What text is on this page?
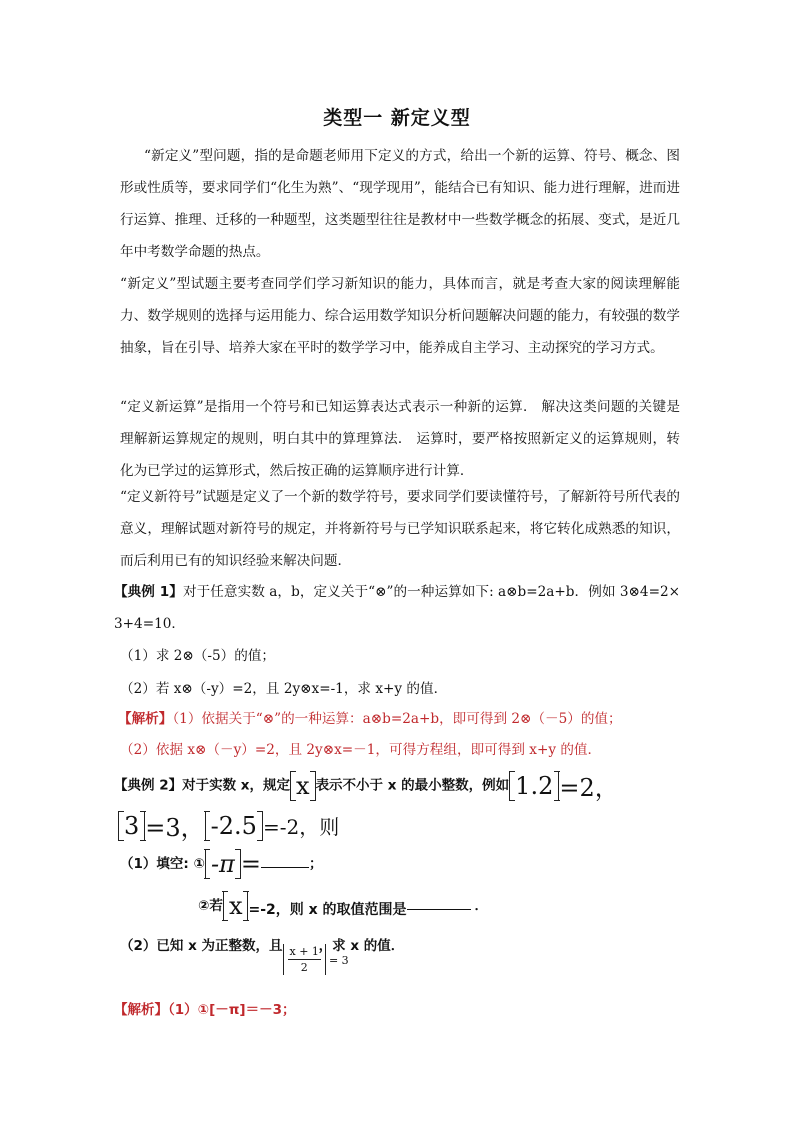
类型一 新定义型

“新定义”型问题，指的是命题老师用下定义的方式，给出一个新的运算、符号、概念、图形或性质等，要求同学们“化生为熟”、“现学现用”，能结合已有知识、能力进行理解，进而进行运算、推理、迁移的一种题型，这类题型往往是教材中一些数学概念的拓展、变式，是近几年中考数学命题的热点。

“新定义”型试题主要考查同学们学习新知识的能力，具体而言，就是考查大家的阅读理解能力、数学规则的选择与运用能力、综合运用数学知识分析问题解决问题的能力，有较强的数学抽象，旨在引导、培养大家在平时的数学学习中，能养成自主学习、主动探究的学习方式。

“定义新运算”是指用一个符号和已知运算表达式表示一种新的运算． 解决这类问题的关键是理解新运算规定的规则，明白其中的算理算法． 运算时，要严格按照新定义的运算规则，转化为已学过的运算形式，然后按正确的运算顺序进行计算．

“定义新符号”试题是定义了一个新的数学符号，要求同学们要读懂符号，了解新符号所代表的意义，理解试题对新符号的规定，并将新符号与已学知识联系起来，将它转化成熟悉的知识，而后利用已有的知识经验来解决问题．

【典例 1】对于任意实数 a，b，定义关于“⊗”的一种运算如下: a⊗b=2a+b．例如 3⊗4=2×3+4=10．

（1）求 2⊗（-5）的值；
（2）若 x⊗（-y）=2，且 2y⊗x=-1，求 x+y 的值．
【解析】（1）依据关于“⊗”的一种运算：a⊗b=2a+b，即可得到 2⊗（－5）的值；
（2）依据 x⊗（－y）=2，且 2y⊗x=－1，可得方程组，即可得到 x+y 的值．
【典例 2】对于实数 x，规定 x 表示不小于 x 的最小整数，例如 1.2 =2，
3 =3， -2.5 =-2，则
（1）填空: ① -π =	；
②若 x =-2，则 x 的取值范围是	．
（2）已知 x 为正整数，且 $\frac{x + 1}{2} = 3$，求 x 的值．
【解析】（1）①[－π]＝－3；
